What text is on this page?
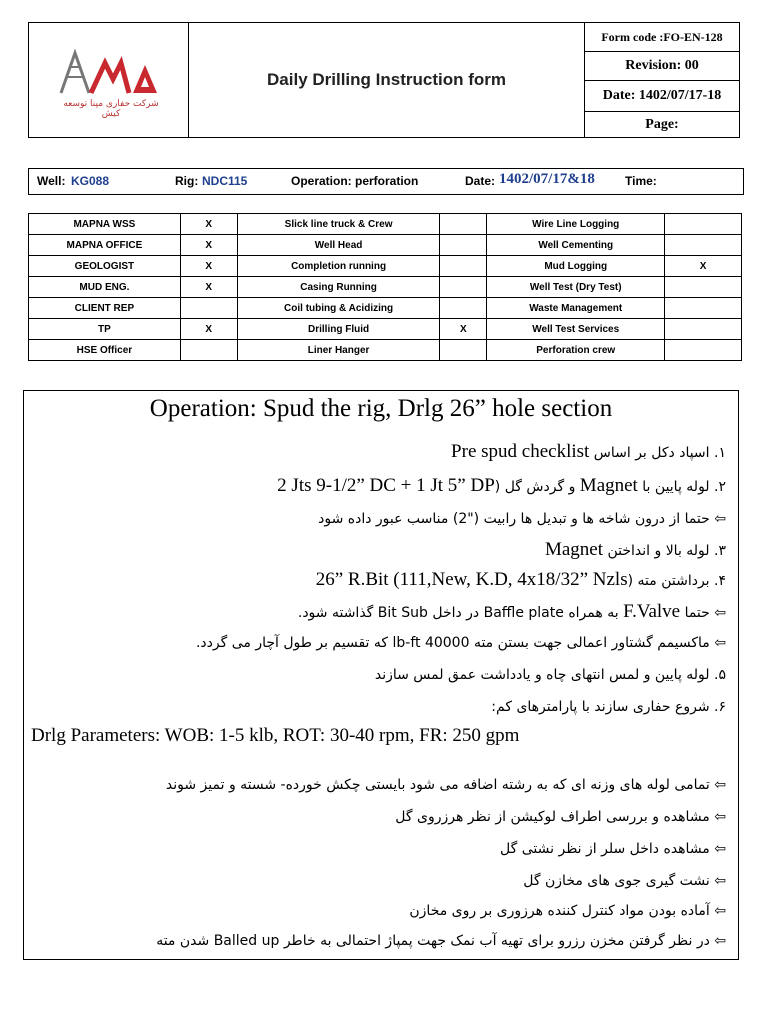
شرکت حفاری مپنا توسعه کیش
Daily Drilling Instruction form
Form code :FO-EN-128
Revision: 00
Date: 1402/07/17-18
Page:
Well: KG088	Rig: NDC115	Operation: perforation	Date: 1402/07/17&18	Time:
MAPNA WSS	X	Slick line truck & Crew		Wire Line Logging	
MAPNA OFFICE	X	Well Head		Well Cementing	
GEOLOGIST	X	Completion running		Mud Logging	X
MUD ENG.	X	Casing Running		Well Test (Dry Test)	
CLIENT REP		Coil tubing & Acidizing		Waste Management	
TP	X	Drilling Fluid	X	Well Test Services	
HSE Officer		Liner Hanger		Perforation crew	
Operation: Spud the rig, Drlg 26” hole section
۱. اسپاد دکل بر اساس Pre spud checklist
۲. لوله پایین با Magnet و گردش گل (2 Jts 9-1/2” DC + 1 Jt 5” DP
⇦ حتما از درون شاخه ها و تبدیل ها رابیت ("2) مناسب عبور داده شود
۳. لوله بالا و انداختن Magnet
۴. برداشتن مته (26” R.Bit (111,New, K.D, 4x18/32” Nzls
⇦ حتما F.Valve به همراه Baffle plate در داخل Bit Sub گذاشته شود.
⇦ ماکسیمم گشتاور اعمالی جهت بستن مته 40000 lb-ft که تقسیم بر طول آچار می گردد.
۵. لوله پایین و لمس انتهای چاه و یادداشت عمق لمس سازند
۶. شروع حفاری سازند با پارامترهای کم:
Drlg Parameters: WOB: 1-5 klb, ROT: 30-40 rpm, FR: 250 gpm
⇦ تمامی لوله های وزنه ای که به رشته اضافه می شود بایستی چکش خورده- شسته و تمیز شوند
⇦ مشاهده و بررسی اطراف لوکیشن از نظر هرزروی گل
⇦ مشاهده داخل سلر از نظر نشتی گل
⇦ نشت گیری جوی های مخازن گل
⇦ آماده بودن مواد کنترل کننده هرزوری بر روی مخازن
⇦ در نظر گرفتن مخزن رزرو برای تهیه آب نمک جهت پمپاژ احتمالی به خاطر Balled up شدن مته
